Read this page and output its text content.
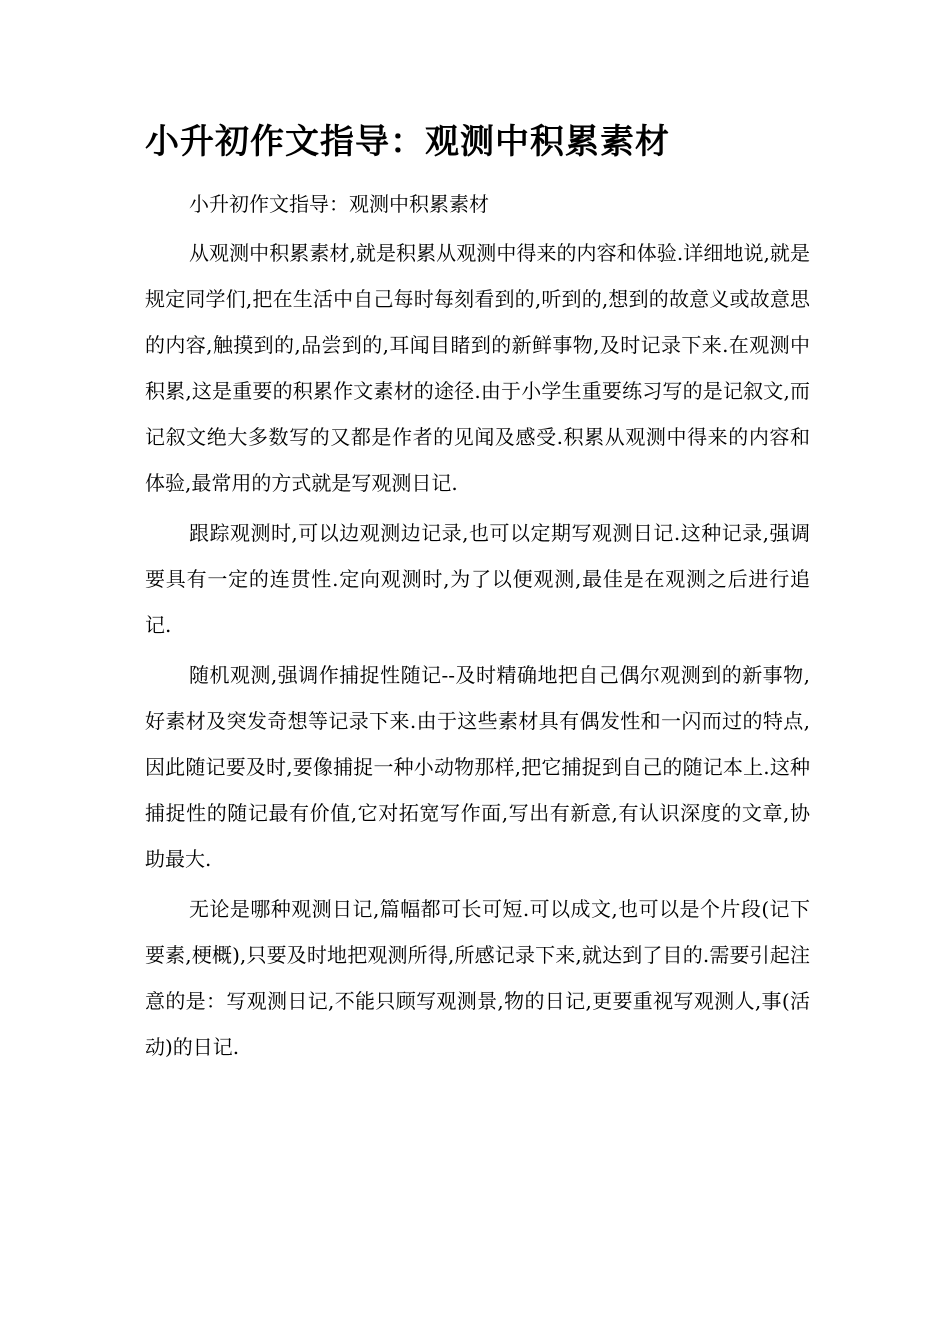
小升初作文指导：观测中积累素材

小升初作文指导：观测中积累素材

从观测中积累素材,就是积累从观测中得来的内容和体验.详细地说,就是规定同学们,把在生活中自己每时每刻看到的,听到的,想到的故意义或故意思的内容,触摸到的,品尝到的,耳闻目睹到的新鲜事物,及时记录下来.在观测中积累,这是重要的积累作文素材的途径.由于小学生重要练习写的是记叙文,而记叙文绝大多数写的又都是作者的见闻及感受.积累从观测中得来的内容和体验,最常用的方式就是写观测日记.

跟踪观测时,可以边观测边记录,也可以定期写观测日记.这种记录,强调要具有一定的连贯性.定向观测时,为了以便观测,最佳是在观测之后进行追记.

随机观测,强调作捕捉性随记--及时精确地把自己偶尔观测到的新事物,好素材及突发奇想等记录下来.由于这些素材具有偶发性和一闪而过的特点,因此随记要及时,要像捕捉一种小动物那样,把它捕捉到自己的随记本上.这种捕捉性的随记最有价值,它对拓宽写作面,写出有新意,有认识深度的文章,协助最大.

无论是哪种观测日记,篇幅都可长可短.可以成文,也可以是个片段(记下要素,梗概),只要及时地把观测所得,所感记录下来,就达到了目的.需要引起注意的是：写观测日记,不能只顾写观测景,物的日记,更要重视写观测人,事(活动)的日记.
